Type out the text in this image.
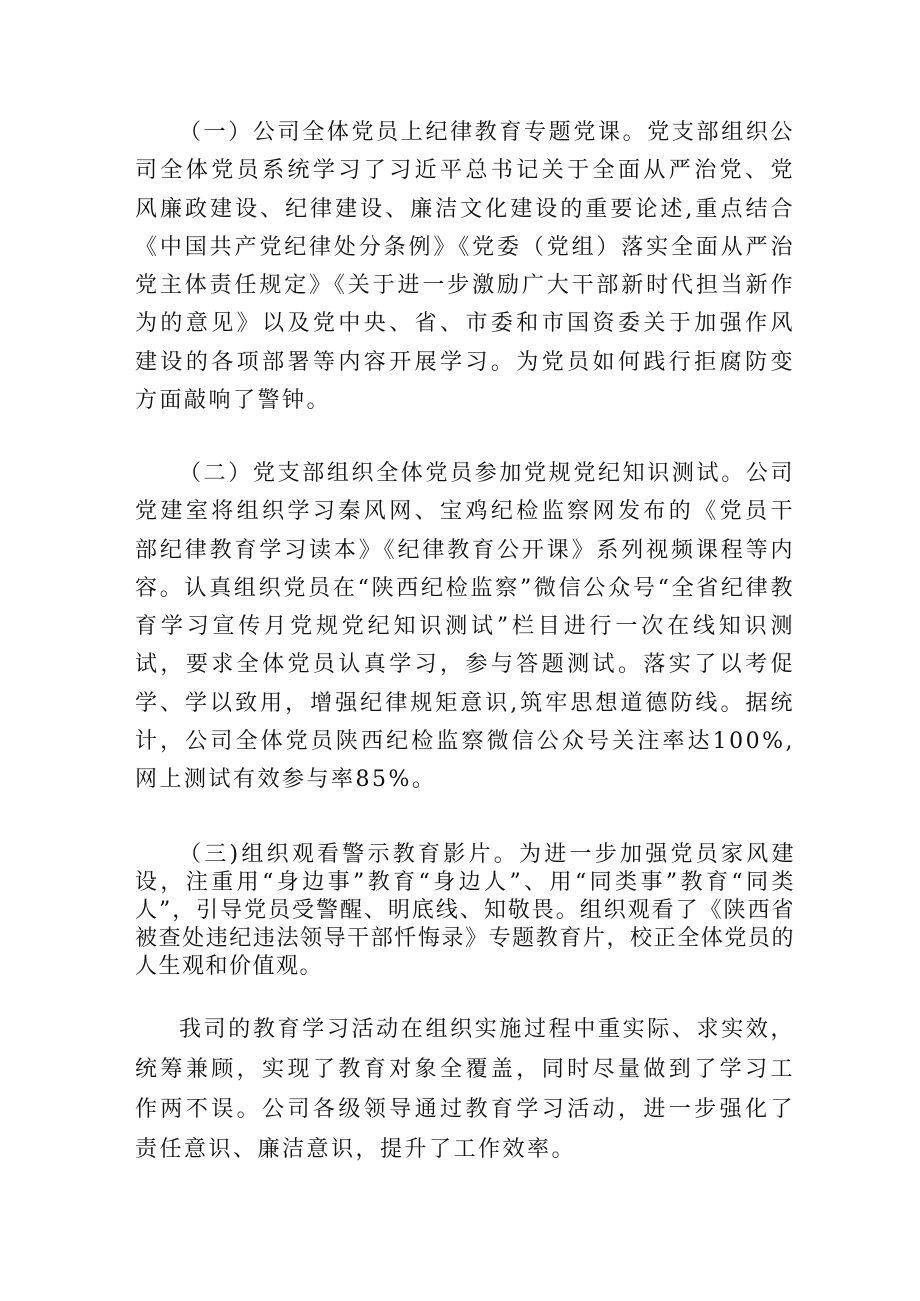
（一）公司全体党员上纪律教育专题党课。党支部组织公司全体党员系统学习了习近平总书记关于全面从严治党、党风廉政建设、纪律建设、廉洁文化建设的重要论述,重点结合《中国共产党纪律处分条例》《党委（党组）落实全面从严治党主体责任规定》《关于进一步激励广大干部新时代担当新作为的意见》以及党中央、省、市委和市国资委关于加强作风建设的各项部署等内容开展学习。为党员如何践行拒腐防变方面敲响了警钟。

（二）党支部组织全体党员参加党规党纪知识测试。公司党建室将组织学习秦风网、宝鸡纪检监察网发布的《党员干部纪律教育学习读本》《纪律教育公开课》系列视频课程等内容。认真组织党员在“陕西纪检监察”微信公众号“全省纪律教育学习宣传月党规党纪知识测试”栏目进行一次在线知识测试，要求全体党员认真学习，参与答题测试。落实了以考促学、学以致用，增强纪律规矩意识,筑牢思想道德防线。据统计，公司全体党员陕西纪检监察微信公众号关注率达100%,网上测试有效参与率85%。

（三)组织观看警示教育影片。为进一步加强党员家风建设，注重用“身边事”教育“身边人”、用“同类事”教育“同类人”，引导党员受警醒、明底线、知敬畏。组织观看了《陕西省被查处违纪违法领导干部忏悔录》专题教育片，校正全体党员的人生观和价值观。

我司的教育学习活动在组织实施过程中重实际、求实效，统筹兼顾，实现了教育对象全覆盖，同时尽量做到了学习工作两不误。公司各级领导通过教育学习活动，进一步强化了责任意识、廉洁意识，提升了工作效率。
